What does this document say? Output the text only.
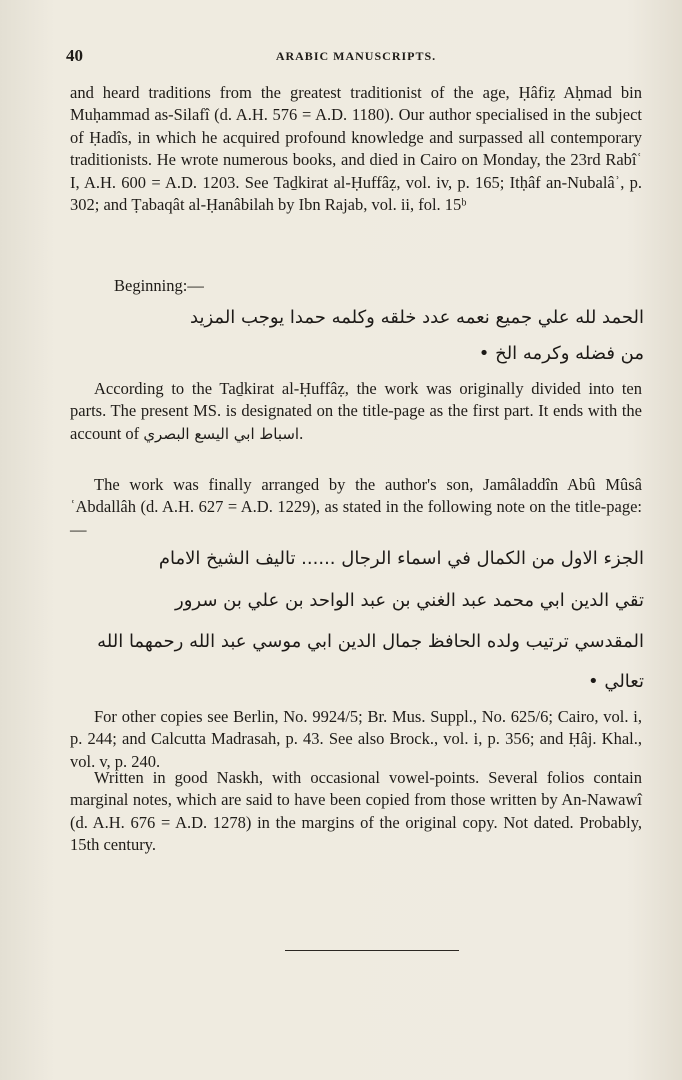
40	ARABIC MANUSCRIPTS.
and heard traditions from the greatest traditionist of the age, Ḥâfiẓ Aḥmad bin Muḥammad as-Silafî (d. A.H. 576 = A.D. 1180). Our author specialised in the subject of Ḥadîs, in which he acquired profound knowledge and surpassed all contemporary traditionists. He wrote numerous books, and died in Cairo on Monday, the 23rd Rabîʿ I, A.H. 600 = A.D. 1203. See Taḏkirat al-Ḥuffâẓ, vol. iv, p. 165; Itḥâf an-Nubalâʾ, p. 302; and Ṭabaqât al-Ḥanâbilah by Ibn Rajab, vol. ii, fol. 15ᵇ
Beginning:—
الحمد لله علي جميع نعمه عدد خلقه وكلمه حمدا يوجب المزيد
من فضله وكرمه الخ •
According to the Taḏkirat al-Ḥuffâẓ, the work was originally divided into ten parts. The present MS. is designated on the title-page as the first part. It ends with the account of اسباط ابي اليسع البصري.
The work was finally arranged by the author's son, Jamâladdîn Abû Mûsâ ʿAbdallâh (d. A.H. 627 = A.D. 1229), as stated in the following note on the title-page:—
الجزء الاول من الكمال في اسماء الرجال ...... تاليف الشيخ الامام
تقي الدين ابي محمد عبد الغني بن عبد الواحد بن علي بن سرور
المقدسي ترتيب ولده الحافظ جمال الدين ابي موسي عبد الله رحمهما الله
تعالي •
For other copies see Berlin, No. 9924/5; Br. Mus. Suppl., No. 625/6; Cairo, vol. i, p. 244; and Calcutta Madrasah, p. 43. See also Brock., vol. i, p. 356; and Ḥâj. Khal., vol. v, p. 240.
Written in good Naskh, with occasional vowel-points. Several folios contain marginal notes, which are said to have been copied from those written by An-Nawawî (d. A.H. 676 = A.D. 1278) in the margins of the original copy. Not dated. Probably, 15th century.
